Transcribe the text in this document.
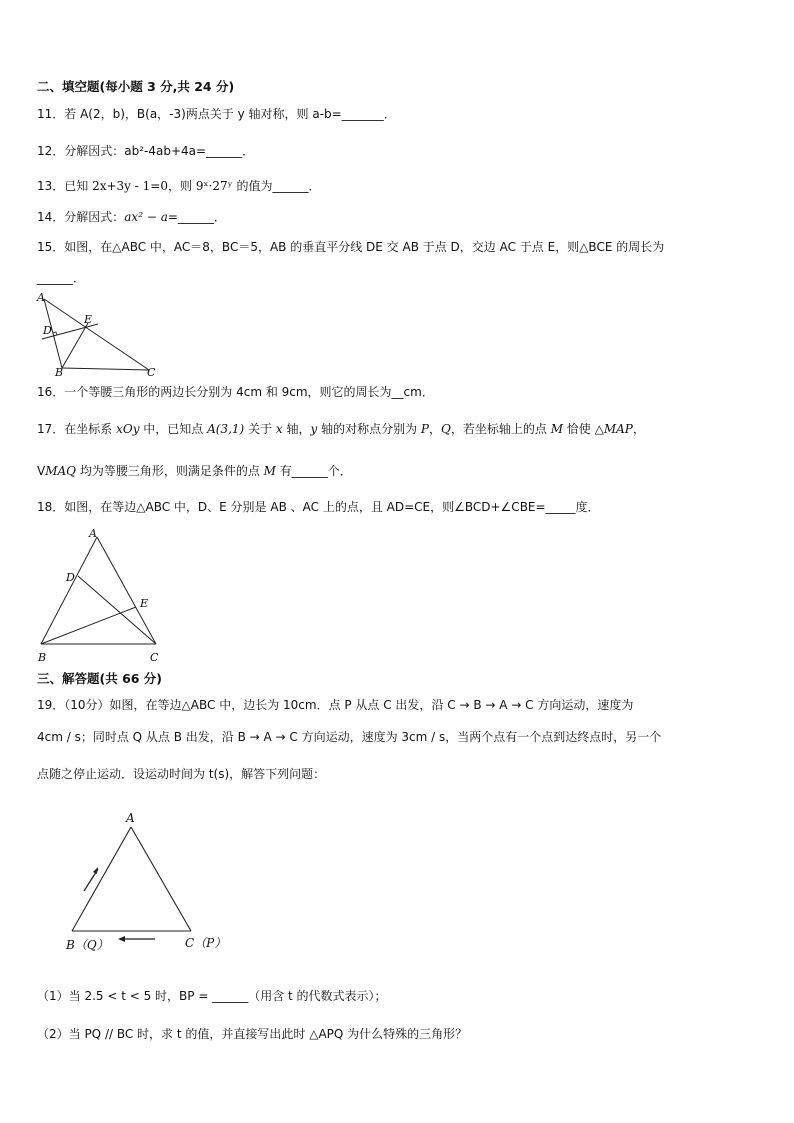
二、填空题(每小题 3 分,共 24 分)
11．若 A(2，b)，B(a，-3)两点关于 y 轴对称，则 a-b=_______．
12．分解因式：ab²-4ab+4a=______．
13．已知 2x+3y - 1=0，则 9ˣ·27ʸ 的值为______．
14．分解因式：ax² − a=______．
15．如图，在△ABC 中，AC＝8，BC＝5，AB 的垂直平分线 DE 交 AB 于点 D，交边 AC 于点 E，则△BCE 的周长为
______．
A
D
E
B	C
16．一个等腰三角形的两边长分别为 4cm 和 9cm，则它的周长为__cm．
17．在坐标系 xOy 中，已知点 A(3,1) 关于 x 轴，y 轴的对称点分别为 P，Q，若坐标轴上的点 M 恰使 △MAP，
VMAQ 均为等腰三角形，则满足条件的点 M 有______个．
18．如图，在等边△ABC 中，D、E 分别是 AB 、AC 上的点，且 AD=CE，则∠BCD+∠CBE=_____度．
A
D
E
B	C
三、解答题(共 66 分)
19．（10分）如图，在等边△ABC 中，边长为 10cm．点 P 从点 C 出发，沿 C → B → A → C 方向运动，速度为
4cm / s；同时点 Q 从点 B 出发，沿 B → A → C 方向运动，速度为 3cm / s，当两个点有一个点到达终点时，另一个
点随之停止运动．设运动时间为 t(s)，解答下列问题：
A
B（Q）	C（P）
（1）当 2.5 < t < 5 时，BP = ______（用含 t 的代数式表示）；
（2）当 PQ // BC 时，求 t 的值，并直接写出此时 △APQ 为什么特殊的三角形？
